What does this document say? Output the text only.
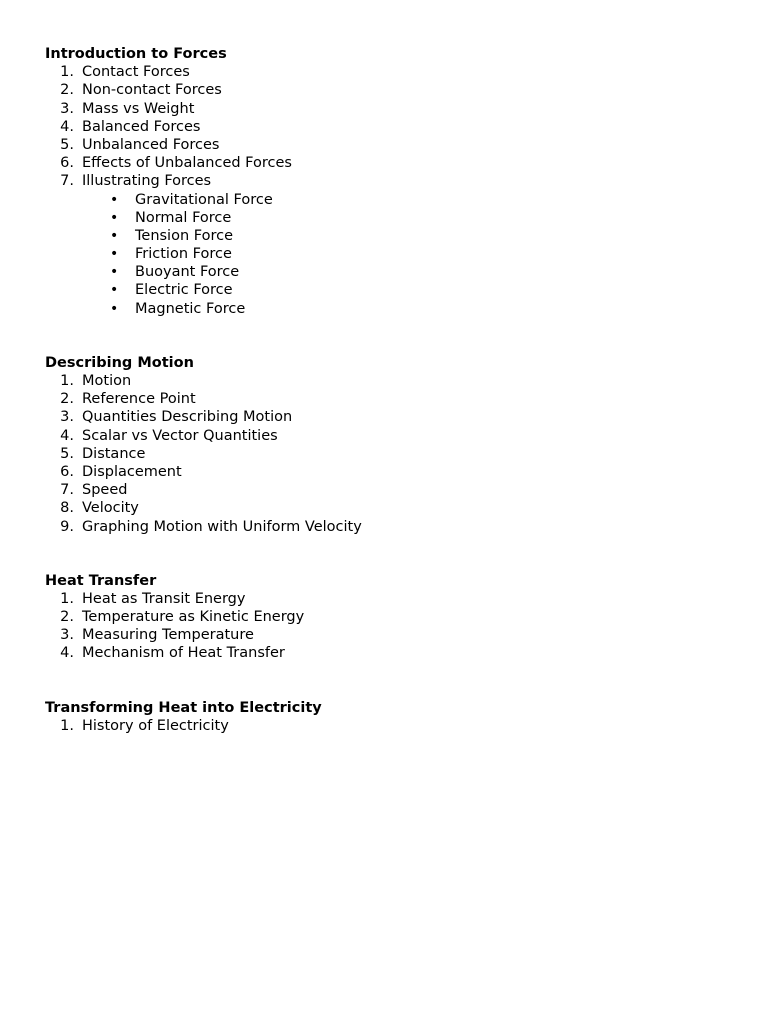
Introduction to Forces
1. Contact Forces
2. Non-contact Forces
3. Mass vs Weight
4. Balanced Forces
5. Unbalanced Forces
6. Effects of Unbalanced Forces
7. Illustrating Forces
•	Gravitational Force
•	Normal Force
•	Tension Force
•	Friction Force
•	Buoyant Force
•	Electric Force
•	Magnetic Force
Describing Motion
1. Motion
2. Reference Point
3. Quantities Describing Motion
4. Scalar vs Vector Quantities
5. Distance
6. Displacement
7. Speed
8. Velocity
9. Graphing Motion with Uniform Velocity
Heat Transfer
1. Heat as Transit Energy
2. Temperature as Kinetic Energy
3. Measuring Temperature
4. Mechanism of Heat Transfer
Transforming Heat into Electricity
1. History of Electricity
